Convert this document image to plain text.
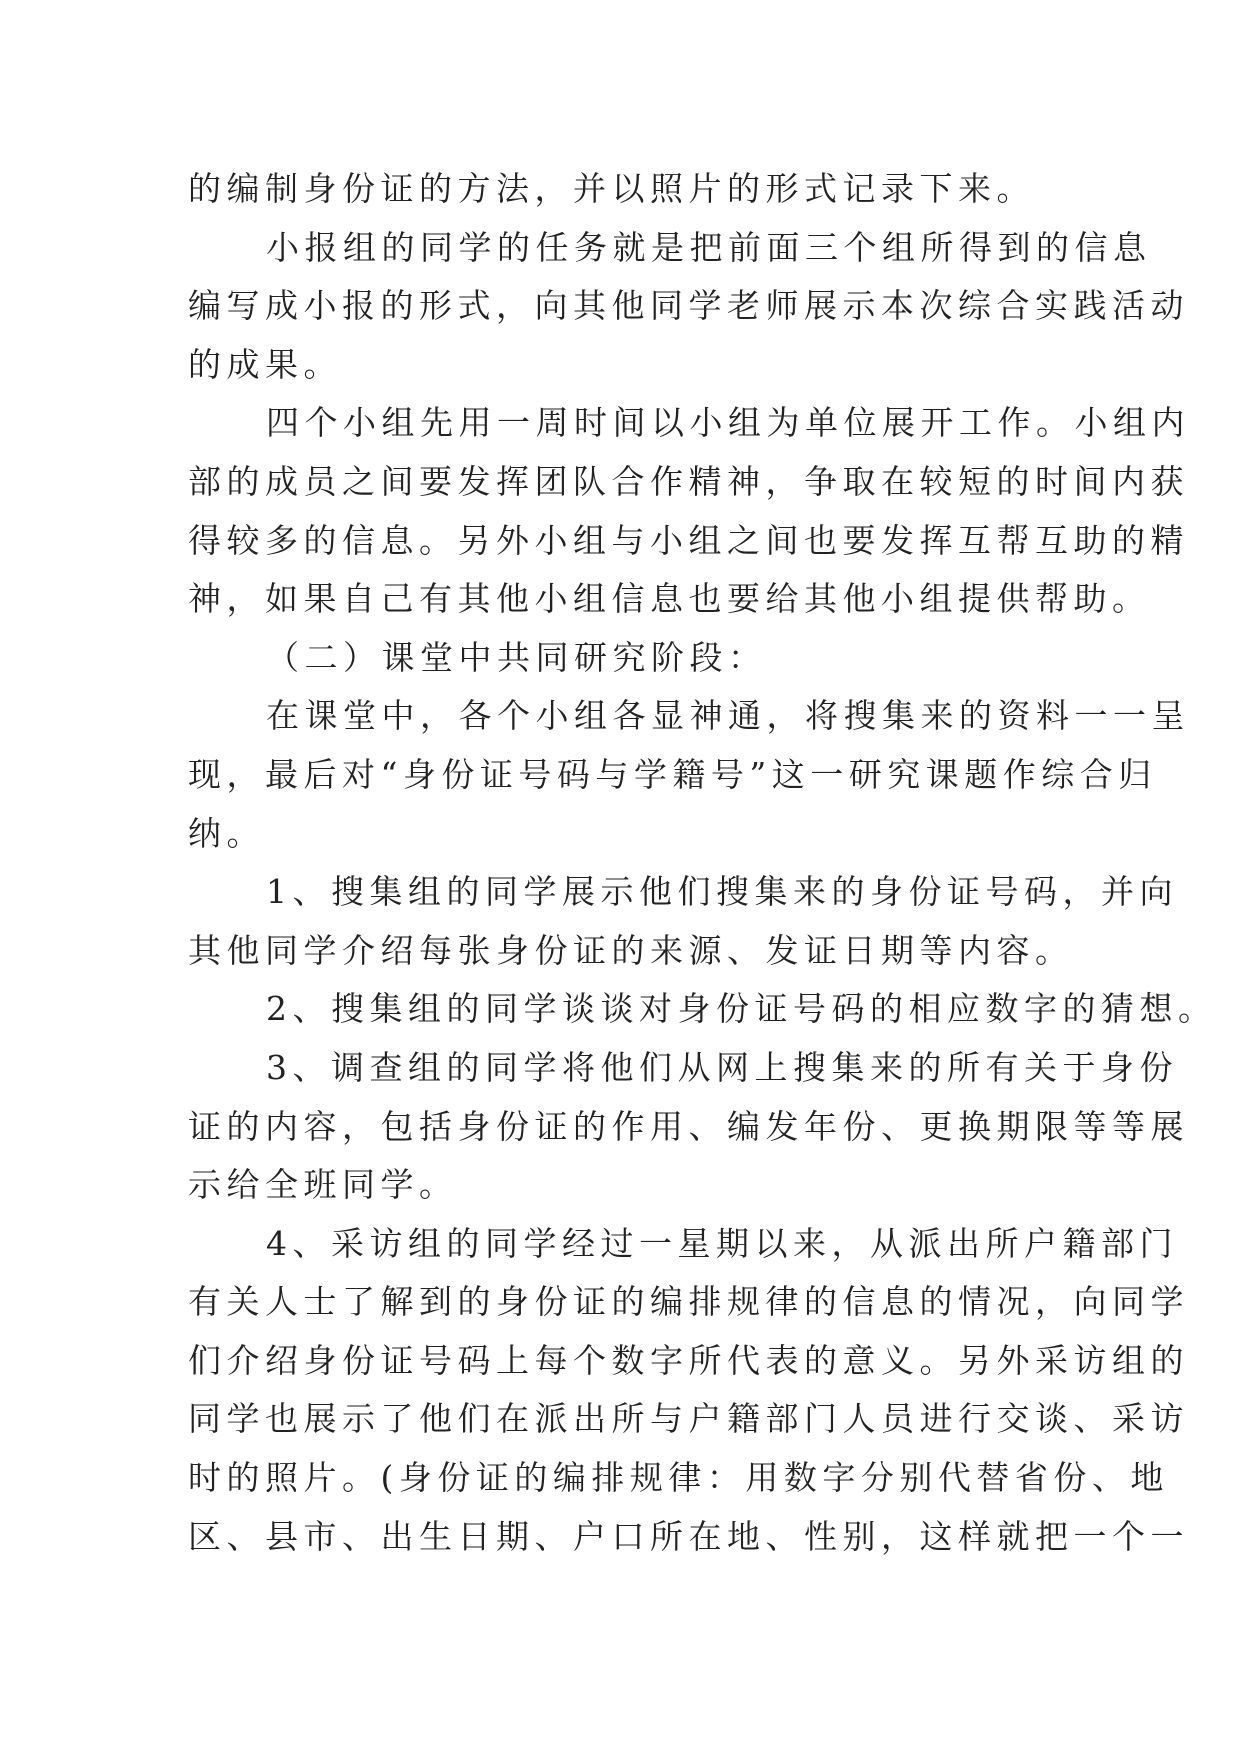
的编制身份证的方法，并以照片的形式记录下来。
小报组的同学的任务就是把前面三个组所得到的信息
编写成小报的形式，向其他同学老师展示本次综合实践活动
的成果。
四个小组先用一周时间以小组为单位展开工作。小组内
部的成员之间要发挥团队合作精神，争取在较短的时间内获
得较多的信息。另外小组与小组之间也要发挥互帮互助的精
神，如果自己有其他小组信息也要给其他小组提供帮助。
（二）课堂中共同研究阶段：
在课堂中，各个小组各显神通，将搜集来的资料一一呈
现，最后对“身份证号码与学籍号”这一研究课题作综合归
纳。
1、搜集组的同学展示他们搜集来的身份证号码，并向
其他同学介绍每张身份证的来源、发证日期等内容。
2、搜集组的同学谈谈对身份证号码的相应数字的猜想。
3、调查组的同学将他们从网上搜集来的所有关于身份
证的内容，包括身份证的作用、编发年份、更换期限等等展
示给全班同学。
4、采访组的同学经过一星期以来，从派出所户籍部门
有关人士了解到的身份证的编排规律的信息的情况，向同学
们介绍身份证号码上每个数字所代表的意义。另外采访组的
同学也展示了他们在派出所与户籍部门人员进行交谈、采访
时的照片。(身份证的编排规律：用数字分别代替省份、地
区、县市、出生日期、户口所在地、性别，这样就把一个一
